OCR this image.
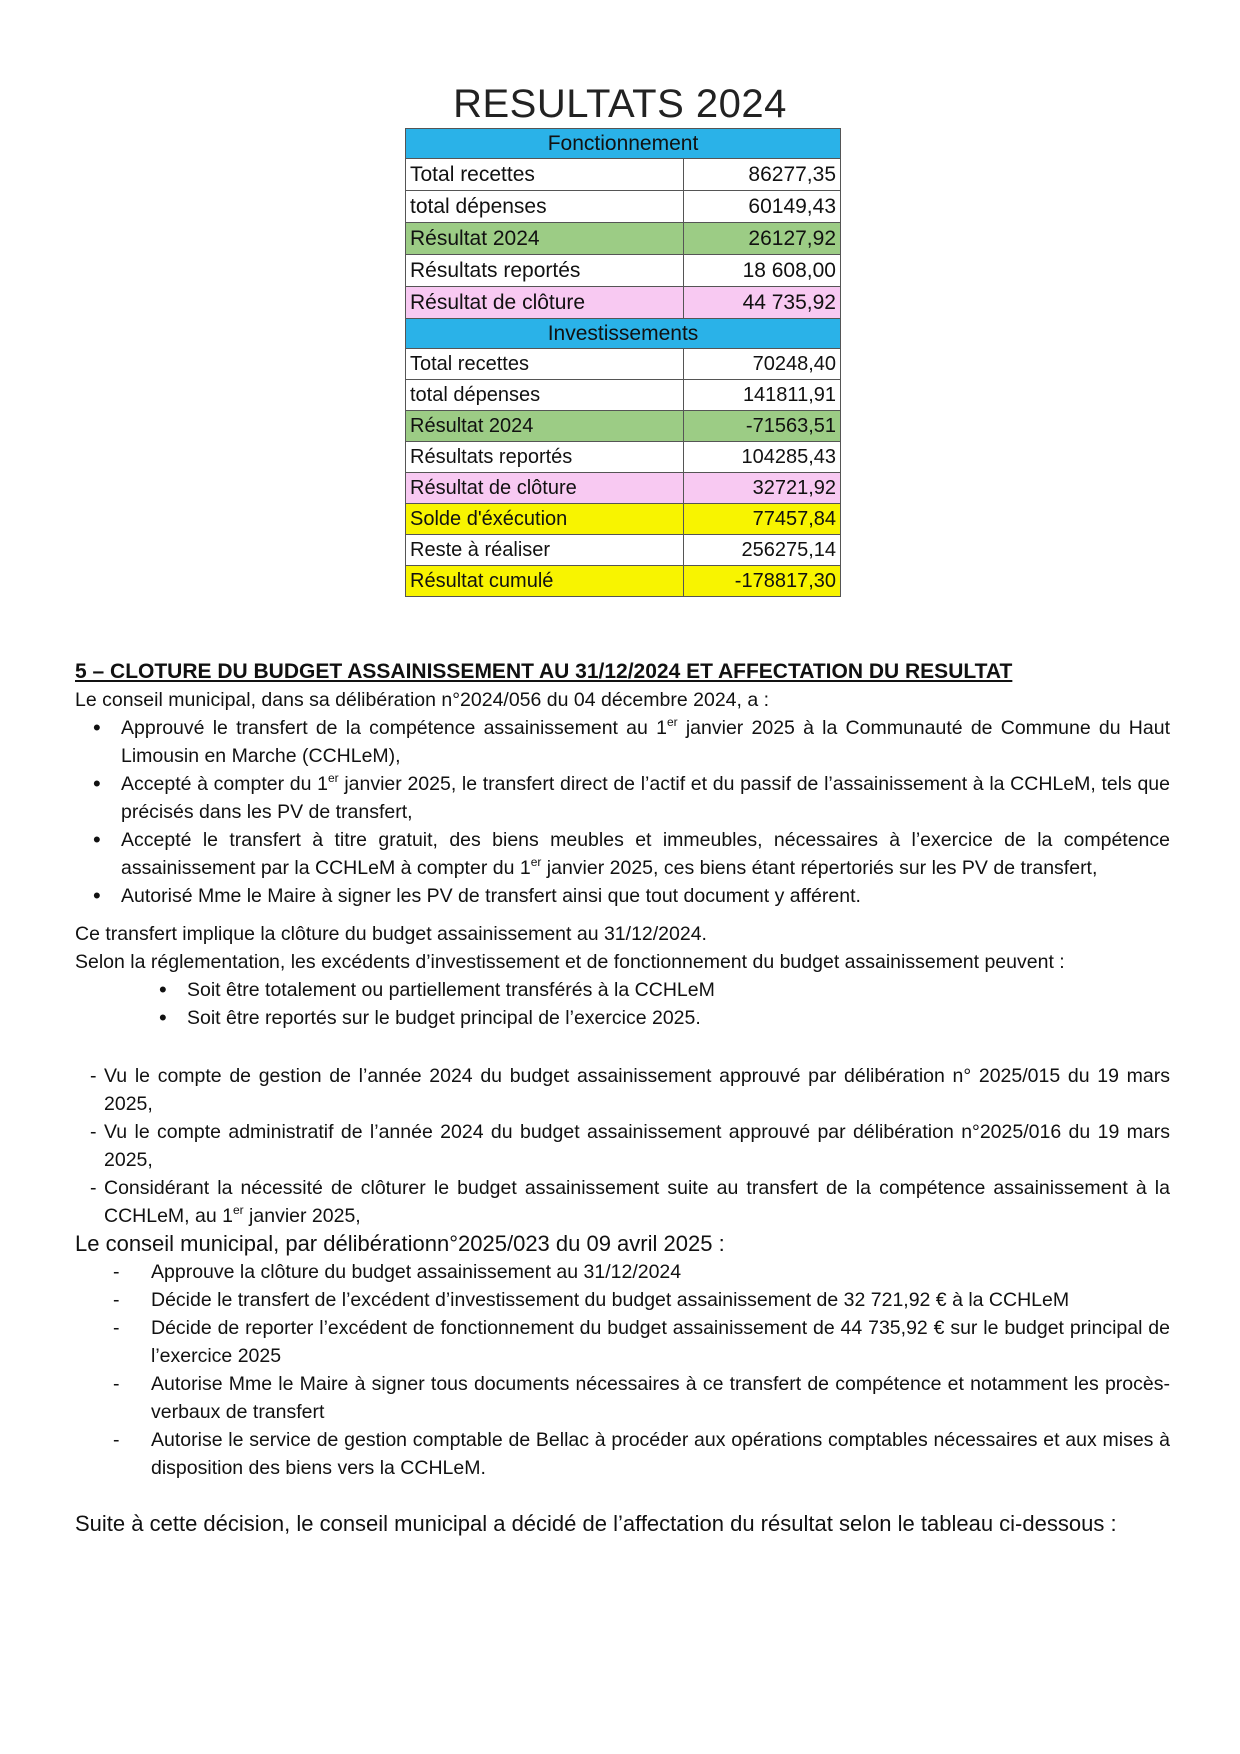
RESULTATS 2024
Fonctionnement	
Total recettes	86277,35
total dépenses	60149,43
Résultat 2024	26127,92
Résultats reportés	18 608,00
Résultat de clôture	44 735,92
Investissements	
Total recettes	70248,40
total dépenses	141811,91
Résultat 2024	-71563,51
Résultats reportés	104285,43
Résultat de clôture	32721,92
Solde d'éxécution	77457,84
Reste à réaliser	256275,14
Résultat cumulé	-178817,30

5 – CLOTURE DU BUDGET ASSAINISSEMENT AU 31/12/2024 ET AFFECTATION DU RESULTAT

Le conseil municipal, dans sa délibération n°2024/056 du 04 décembre 2024, a :

• Approuvé le transfert de la compétence assainissement au 1er janvier 2025 à la Communauté de Commune du Haut Limousin en Marche (CCHLeM),
• Accepté à compter du 1er janvier 2025, le transfert direct de l’actif et du passif de l’assainissement à la CCHLeM, tels que précisés dans les PV de transfert,
• Accepté le transfert à titre gratuit, des biens meubles et immeubles, nécessaires à l’exercice de la compétence assainissement par la CCHLeM à compter du 1er janvier 2025, ces biens étant répertoriés sur les PV de transfert,
• Autorisé Mme le Maire à signer les PV de transfert ainsi que tout document y afférent.

Ce transfert implique la clôture du budget assainissement au 31/12/2024.

Selon la réglementation, les excédents d’investissement et de fonctionnement du budget assainissement peuvent :

• Soit être totalement ou partiellement transférés à la CCHLeM
• Soit être reportés sur le budget principal de l’exercice 2025.
- Vu le compte de gestion de l’année 2024 du budget assainissement approuvé par délibération n° 2025/015 du 19 mars 2025,
- Vu le compte administratif de l’année 2024 du budget assainissement approuvé par délibération n°2025/016 du 19 mars 2025,
- Considérant la nécessité de clôturer le budget assainissement suite au transfert de la compétence assainissement à la CCHLeM, au 1er janvier 2025,

Le conseil municipal, par délibérationn°2025/023 du 09 avril 2025 :

- Approuve la clôture du budget assainissement au 31/12/2024
- Décide le transfert de l’excédent d’investissement du budget assainissement de 32 721,92 € à la CCHLeM
- Décide de reporter l’excédent de fonctionnement du budget assainissement de 44 735,92 € sur le budget principal de l’exercice 2025
- Autorise Mme le Maire à signer tous documents nécessaires à ce transfert de compétence et notamment les procès-verbaux de transfert
- Autorise le service de gestion comptable de Bellac à procéder aux opérations comptables nécessaires et aux mises à disposition des biens vers la CCHLeM.

Suite à cette décision, le conseil municipal a décidé de l’affectation du résultat selon le tableau ci-dessous :
